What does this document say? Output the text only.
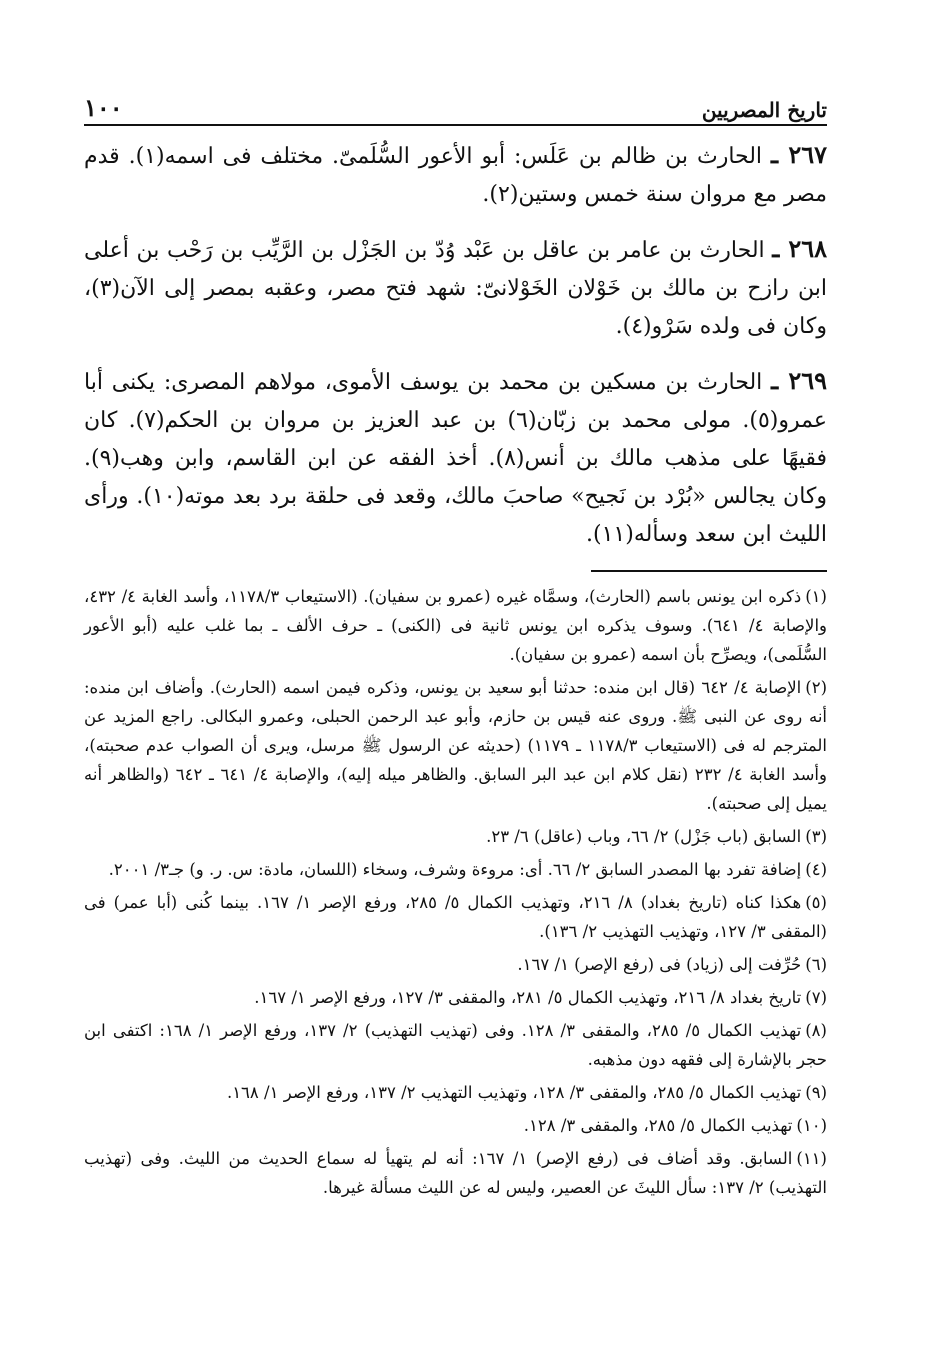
تاريخ المصريين
١٠٠

٢٦٧ ـ الحارث بن ظالم بن عَلَس: أبو الأعور السُّلَمىّ. مختلف فى اسمه(١). قدم مصر مع مروان سنة خمس وستين(٢).

٢٦٨ ـ الحارث بن عامر بن عاقل بن عَبْد وُدّ بن الجَزْل بن الرَّيِّب بن رَحْب بن أعلى ابن رازح بن مالك بن خَوْلان الخَوْلانىّ: شهد فتح مصر، وعقبه بمصر إلى الآن(٣)، وكان فى ولده سَرْو(٤).

٢٦٩ ـ الحارث بن مسكين بن محمد بن يوسف الأموى، مولاهم المصرى: يكنى أبا عمرو(٥). مولى محمد بن زبّان(٦) بن عبد العزيز بن مروان بن الحكم(٧). كان فقيهًا على مذهب مالك بن أنس(٨). أخذ الفقه عن ابن القاسم، وابن وهب(٩). وكان يجالس «بُرْد بن نَجيح» صاحبَ مالك، وقعد فى حلقة برد بعد موته(١٠). ورأى الليث ابن سعد وسأله(١١).

(١)ذكره ابن يونس باسم (الحارث)، وسمَّاه غيره (عمرو بن سفيان). (الاستيعاب ١١٧٨/٣، وأسد الغابة ٤/ ٤٣٢، والإصابة ٤/ ٦٤١). وسوف يذكره ابن يونس ثانية فى (الكنى) ـ حرف الألف ـ بما غلب عليه (أبو الأعور السُّلَمى)، ويصرِّح بأن اسمه (عمرو بن سفيان).

(٢)الإصابة ٤/ ٦٤٢ (قال ابن منده: حدثنا أبو سعيد بن يونس، وذكره فيمن اسمه (الحارث). وأضاف ابن منده: أنه روى عن النبى ﷺ. وروى عنه قيس بن حازم، وأبو عبد الرحمن الحبلى، وعمرو البكالى. راجع المزيد عن المترجم له فى (الاستيعاب ١١٧٨/٣ ـ ١١٧٩) (حديثه عن الرسول ﷺ مرسل، ويرى أن الصواب عدم صحبته)، وأسد الغابة ٤/ ٢٣٢ (نقل كلام ابن عبد البر السابق. والظاهر ميله إليه)، والإصابة ٤/ ٦٤١ ـ ٦٤٢ (والظاهر أنه يميل إلى صحبته).

(٣)السابق (باب جَزْل) ٢/ ٦٦، وباب (عاقل) ٦/ ٢٣.

(٤)إضافة تفرد بها المصدر السابق ٢/ ٦٦. أى: مروءة وشرف، وسخاء (اللسان، مادة: س. ر. و) جـ٣/ ٢٠٠١.

(٥)هكذا كناه (تاريخ بغداد) ٨/ ٢١٦، وتهذيب الكمال ٥/ ٢٨٥، ورفع الإصر ١/ ١٦٧. بينما كُنى (أبا عمر) فى (المقفى ٣/ ١٢٧، وتهذيب التهذيب ٢/ ١٣٦).

(٦)حُرِّفت إلى (زياد) فى (رفع الإصر) ١/ ١٦٧.

(٧)تاريخ بغداد ٨/ ٢١٦، وتهذيب الكمال ٥/ ٢٨١، والمقفى ٣/ ١٢٧، ورفع الإصر ١/ ١٦٧.

(٨)تهذيب الكمال ٥/ ٢٨٥، والمقفى ٣/ ١٢٨. وفى (تهذيب التهذيب) ٢/ ١٣٧، ورفع الإصر ١/ ١٦٨: اكتفى ابن حجر بالإشارة إلى فقهه دون مذهبه.

(٩)تهذيب الكمال ٥/ ٢٨٥، والمقفى ٣/ ١٢٨، وتهذيب التهذيب ٢/ ١٣٧، ورفع الإصر ١/ ١٦٨.

(١٠)تهذيب الكمال ٥/ ٢٨٥، والمقفى ٣/ ١٢٨.

(١١)السابق. وقد أضاف فى (رفع الإصر) ١/ ١٦٧: أنه لم يتهيأ له سماع الحديث من الليث. وفى (تهذيب التهذيب) ٢/ ١٣٧: سأل الليثَ عن العصير، وليس له عن الليث مسألة غيرها.
